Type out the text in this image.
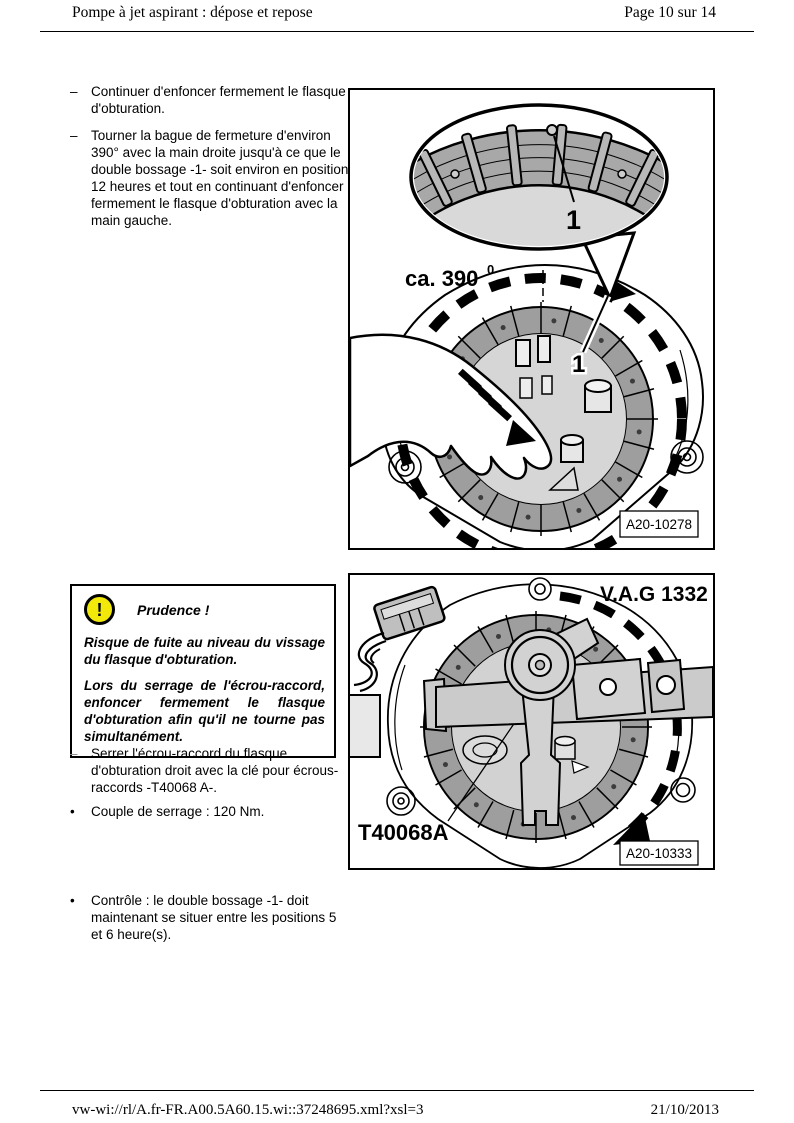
Pompe à jet aspirant : dépose et repose	Page 10 sur 14
– Continuer d'enfoncer fermement le flasque d'obturation.
– Tourner la bague de fermeture d'environ 390° avec la main droite jusqu'à ce que le double bossage -1- soit environ en position 12 heures et tout en continuant d'enfoncer fermement le flasque d'obturation avec la main gauche.	1
1
ca. 390 0
A20-10278
! Prudence !

Risque de fuite au niveau du vissage du flasque d'obturation.

Lors du serrage de l'écrou-raccord, enfoncer fermement le flasque d'obturation afin qu'il ne tourne pas simultanément.

V.A.G 1332
T40068A
A20-10333
– Serrer l'écrou-raccord du flasque d'obturation droit avec la clé pour écrous-raccords -T40068 A-.
•	Couple de serrage : 120 Nm.
•	Contrôle : le double bossage -1- doit maintenant se situer entre les positions 5 et 6 heure(s).
vw-wi://rl/A.fr-FR.A00.5A60.15.wi::37248695.xml?xsl=3	21/10/2013
